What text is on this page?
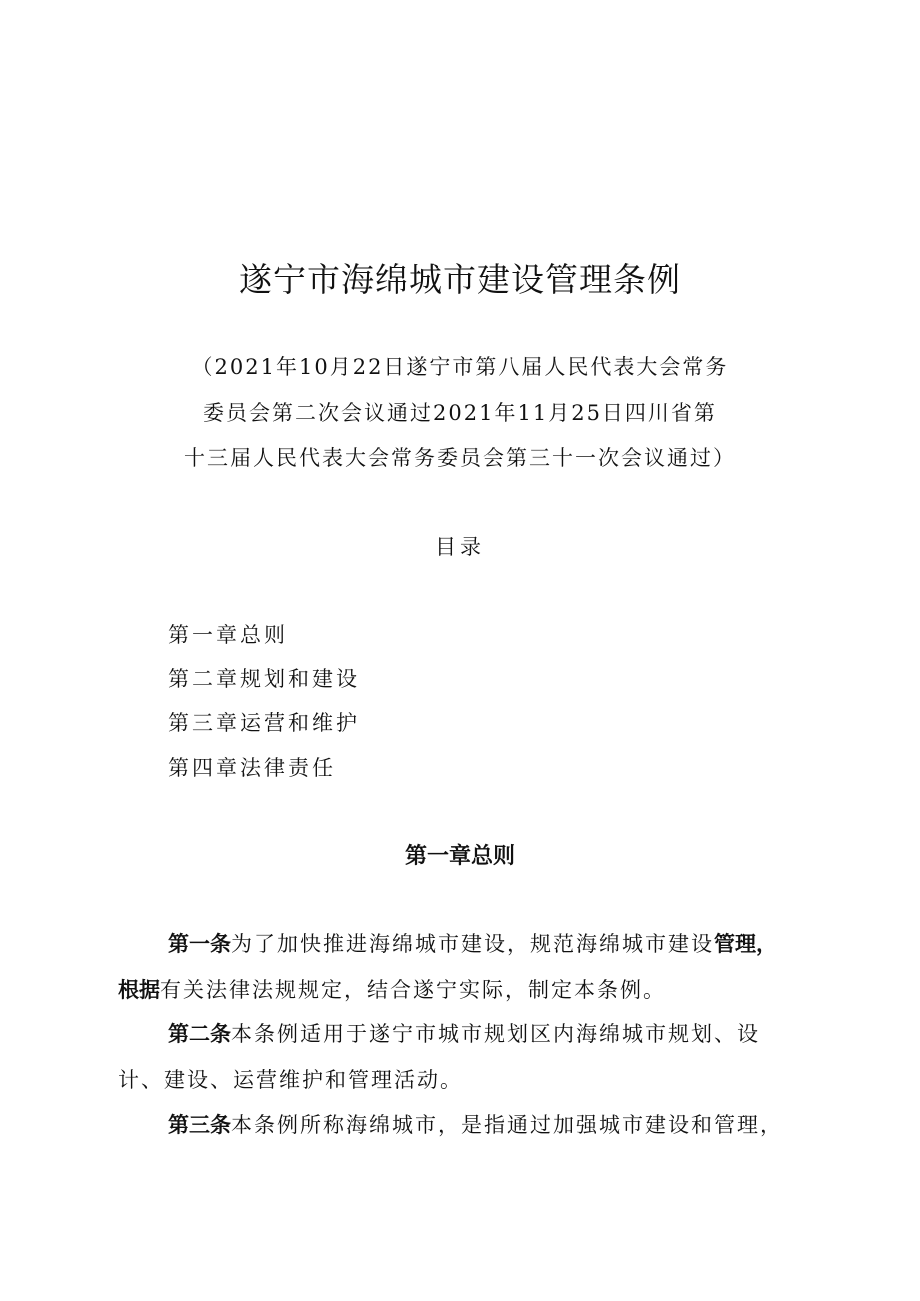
遂宁市海绵城市建设管理条例
（2021年10月22日遂宁市第八届人民代表大会常务
委员会第二次会议通过2021年11月25日四川省第
十三届人民代表大会常务委员会第三十一次会议通过）
目录
第一章总则
第二章规划和建设
第三章运营和维护
第四章法律责任
第一章总则
第一条为了加快推进海绵城市建设，规范海绵城市建设管理，
根据有关法律法规规定，结合遂宁实际，制定本条例。
第二条本条例适用于遂宁市城市规划区内海绵城市规划、设
计、建设、运营维护和管理活动。
第三条本条例所称海绵城市，是指通过加强城市建设和管理，
